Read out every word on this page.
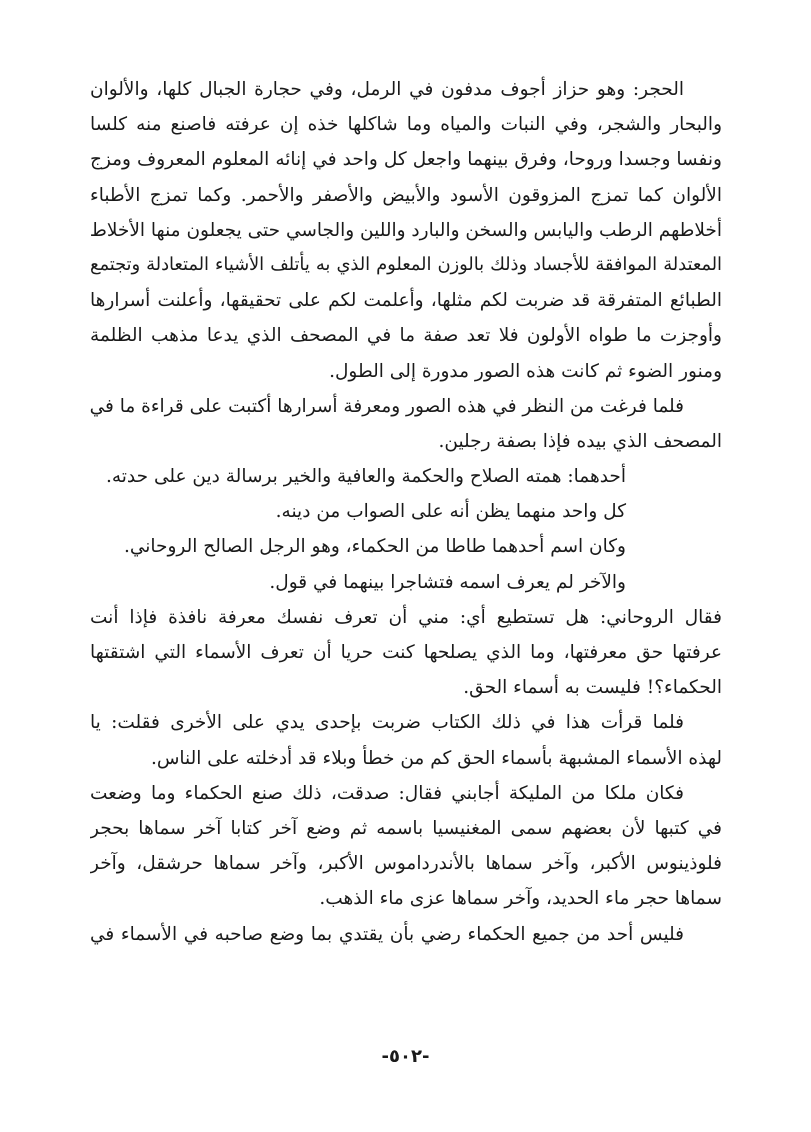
الحجر: وهو حزاز أجوف مدفون في الرمل، وفي حجارة الجبال كلها، والألوان
والبحار والشجر، وفي النبات والمياه وما شاكلها خذه إن عرفته فاصنع منه كلسا
ونفسا وجسدا وروحا، وفرق بينهما واجعل كل واحد في إنائه المعلوم المعروف ومزج
الألوان كما تمزج المزوقون الأسود والأبيض والأصفر والأحمر. وكما تمزج الأطباء
أخلاطهم الرطب واليابس والسخن والبارد واللين والجاسي حتى يجعلون منها الأخلاط
المعتدلة الموافقة للأجساد وذلك بالوزن المعلوم الذي به يأتلف الأشياء المتعادلة وتجتمع
الطبائع المتفرقة قد ضربت لكم مثلها، وأعلمت لكم على تحقيقها، وأعلنت أسرارها
وأوجزت ما طواه الأولون فلا تعد صفة ما في المصحف الذي يدعا مذهب الظلمة
ومنور الضوء ثم كانت هذه الصور مدورة إلى الطول.
فلما فرغت من النظر في هذه الصور ومعرفة أسرارها أكتبت على قراءة ما في
المصحف الذي بيده فإذا بصفة رجلين.
أحدهما: همته الصلاح والحكمة والعافية والخير برسالة دين على حدته.
كل واحد منهما يظن أنه على الصواب من دينه.
وكان اسم أحدهما طاطا من الحكماء، وهو الرجل الصالح الروحاني.
والآخر لم يعرف اسمه فتشاجرا بينهما في قول.
فقال الروحاني: هل تستطيع أي: مني أن تعرف نفسك معرفة نافذة فإذا أنت
عرفتها حق معرفتها، وما الذي يصلحها كنت حريا أن تعرف الأسماء التي اشتقتها
الحكماء؟! فليست به أسماء الحق.
فلما قرأت هذا في ذلك الكتاب ضربت بإحدى يدي على الأخرى فقلت: يا
لهذه الأسماء المشبهة بأسماء الحق كم من خطأ وبلاء قد أدخلته على الناس.
فكان ملكا من المليكة أجابني فقال: صدقت، ذلك صنع الحكماء وما وضعت
في كتبها لأن بعضهم سمى المغنيسيا باسمه ثم وضع آخر كتابا آخر سماها بحجر
فلوذينوس الأكبر، وآخر سماها بالأندرداموس الأكبر، وآخر سماها حرشقل، وآخر
سماها حجر ماء الحديد، وآخر سماها عزى ماء الذهب.
فليس أحد من جميع الحكماء رضي بأن يقتدي بما وضع صاحبه في الأسماء في
-٥٠٢-
